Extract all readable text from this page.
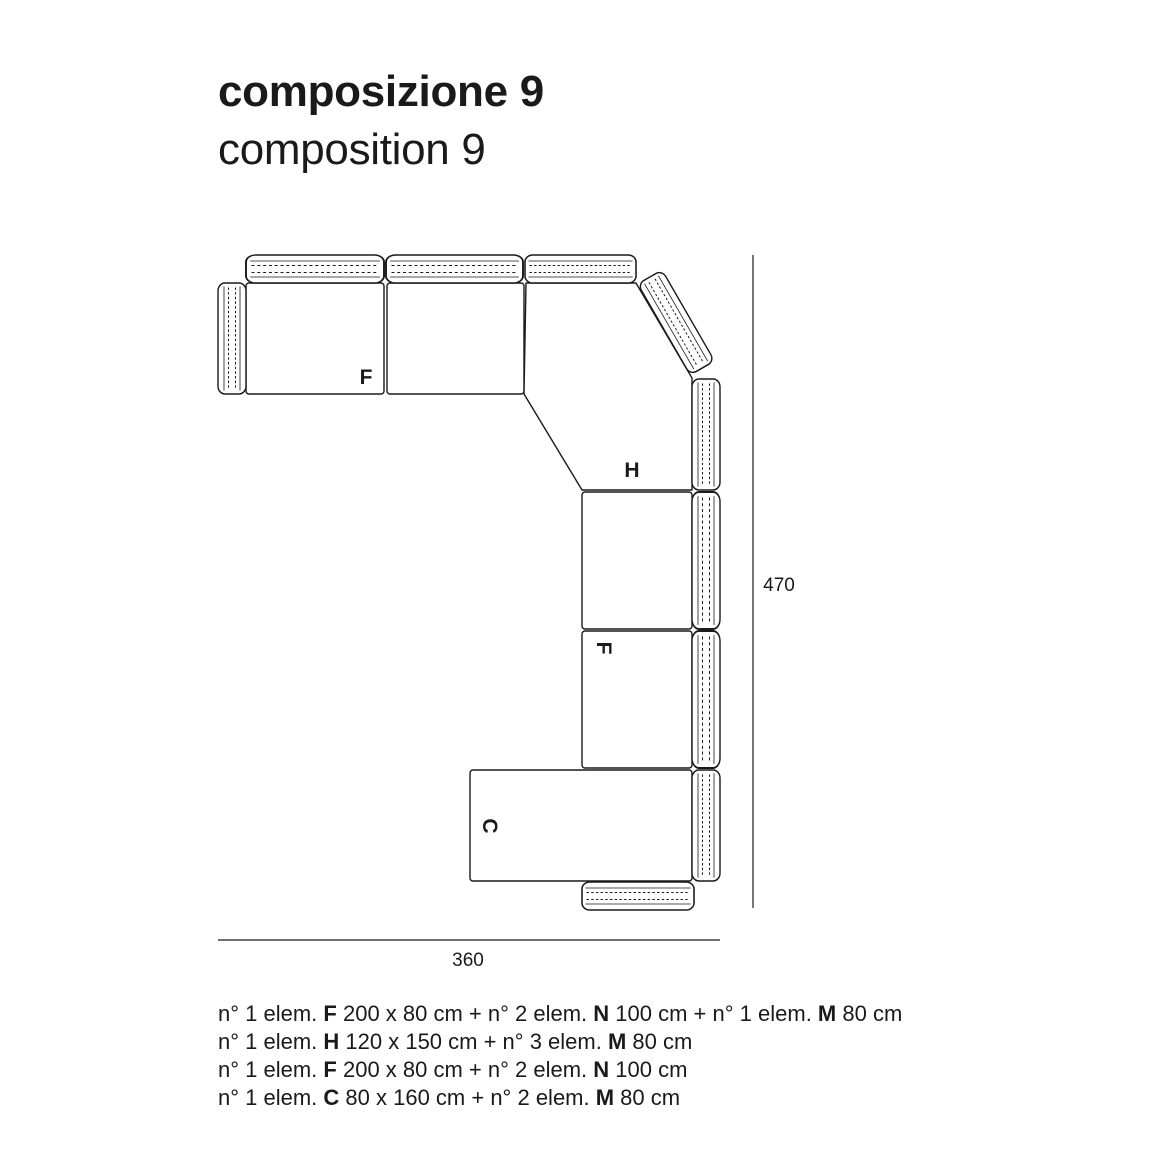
composizione 9
composition 9
F
H
F
C
360
470
n° 1 elem. F 200 x 80 cm + n° 2 elem. N 100 cm + n° 1 elem. M 80 cm
n° 1 elem. H 120 x 150 cm + n° 3 elem. M 80 cm
n° 1 elem. F 200 x 80 cm + n° 2 elem. N 100 cm
n° 1 elem. C 80 x 160 cm + n° 2 elem. M 80 cm
